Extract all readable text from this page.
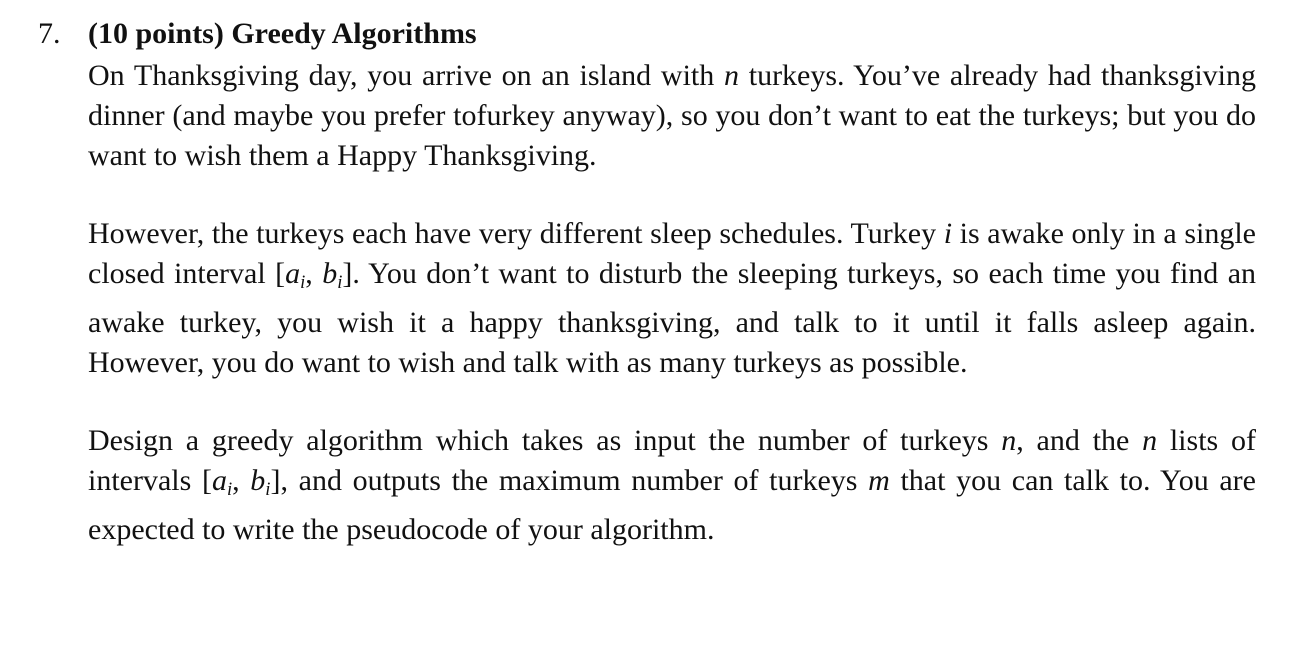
7. (10 points) Greedy Algorithms

On Thanksgiving day, you arrive on an island with n turkeys. You’ve already had thanksgiving dinner (and maybe you prefer tofurkey anyway), so you don’t want to eat the turkeys; but you do want to wish them a Happy Thanksgiving.

However, the turkeys each have very different sleep schedules. Turkey i is awake only in a single closed interval [$a_i$, $b_i$]. You don’t want to disturb the sleeping turkeys, so each time you find an awake turkey, you wish it a happy thanksgiving, and talk to it until it falls asleep again. However, you do want to wish and talk with as many turkeys as possible.

Design a greedy algorithm which takes as input the number of turkeys n, and the n lists of intervals [$a_i$, $b_i$], and outputs the maximum number of turkeys m that you can talk to. You are expected to write the pseudocode of your algorithm.
